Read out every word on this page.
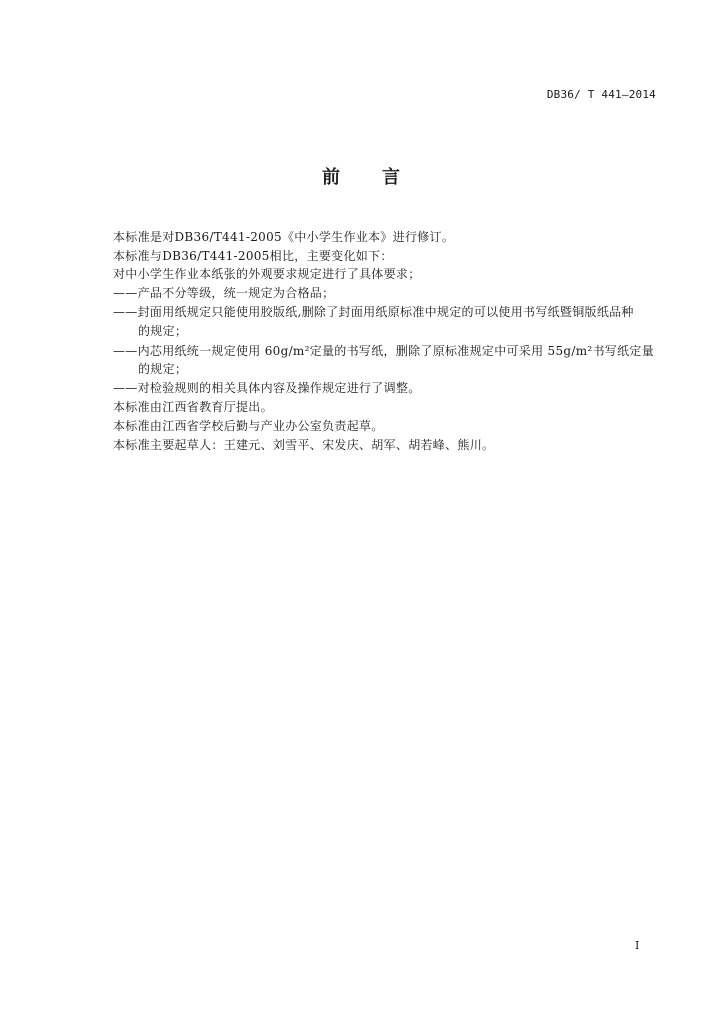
DB36/ T 441—2014
前　　言
本标准是对DB36/T441-2005《中小学生作业本》进行修订。
本标准与DB36/T441-2005相比，主要变化如下：
对中小学生作业本纸张的外观要求规定进行了具体要求；
——产品不分等级，统一规定为合格品；
——封面用纸规定只能使用胶版纸,删除了封面用纸原标准中规定的可以使用书写纸暨铜版纸品种
的规定；
——内芯用纸统一规定使用 60g/m²定量的书写纸，删除了原标准规定中可采用 55g/m²书写纸定量
的规定；
——对检验规则的相关具体内容及操作规定进行了调整。
本标准由江西省教育厅提出。
本标准由江西省学校后勤与产业办公室负责起草。
本标准主要起草人：王建元、刘雪平、宋发庆、胡军、胡若峰、熊川。
I
